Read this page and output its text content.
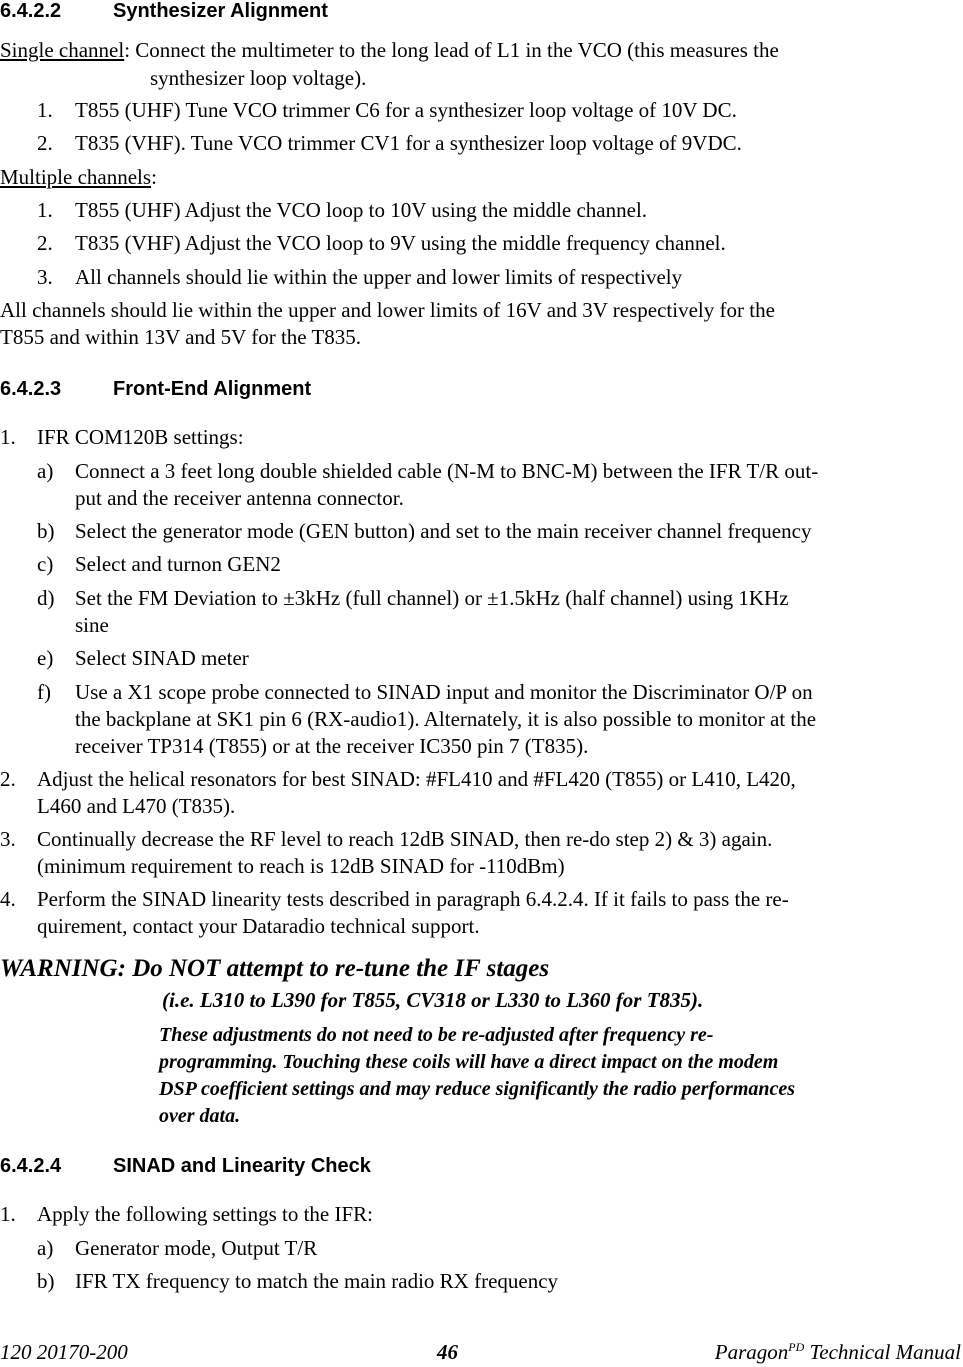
6.4.2.2	Synthesizer Alignment
Single channel: Connect the multimeter to the long lead of L1 in the VCO (this measures the
synthesizer loop voltage).
1. T855 (UHF) Tune VCO trimmer C6 for a synthesizer loop voltage of 10V DC.
2. T835 (VHF). Tune VCO trimmer CV1 for a synthesizer loop voltage of 9VDC.
Multiple channels:
1. T855 (UHF) Adjust the VCO loop to 10V using the middle channel.
2. T835 (VHF) Adjust the VCO loop to 9V using the middle frequency channel.
3. All channels should lie within the upper and lower limits of respectively
All channels should lie within the upper and lower limits of 16V and 3V respectively for the
T855 and within 13V and 5V for the T835.
6.4.2.3	Front-End Alignment
1. IFR COM120B settings:
a) Connect a 3 feet long double shielded cable (N-M to BNC-M) between the IFR T/R out-
put and the receiver antenna connector.
b) Select the generator mode (GEN button) and set to the main receiver channel frequency
c) Select and turnon GEN2
d) Set the FM Deviation to ±3kHz (full channel) or ±1.5kHz (half channel) using 1KHz
sine
e) Select SINAD meter
f) Use a X1 scope probe connected to SINAD input and monitor the Discriminator O/P on
the backplane at SK1 pin 6 (RX-audio1). Alternately, it is also possible to monitor at the
receiver TP314 (T855) or at the receiver IC350 pin 7 (T835).
2. Adjust the helical resonators for best SINAD: #FL410 and #FL420 (T855) or L410, L420,
L460 and L470 (T835).
3. Continually decrease the RF level to reach 12dB SINAD, then re-do step 2) & 3) again.
(minimum requirement to reach is 12dB SINAD for -110dBm)
4. Perform the SINAD linearity tests described in paragraph 6.4.2.4. If it fails to pass the re-
quirement, contact your Dataradio technical support.
WARNING: Do NOT attempt to re-tune the IF stages
(i.e. L310 to L390 for T855, CV318 or L330 to L360 for T835).
These adjustments do not need to be re-adjusted after frequency re-
programming. Touching these coils will have a direct impact on the modem
DSP coefficient settings and may reduce significantly the radio performances
over data.
6.4.2.4	SINAD and Linearity Check
1. Apply the following settings to the IFR:
a) Generator mode, Output T/R
b) IFR TX frequency to match the main radio RX frequency
120 20170-200	46	Paragon$^{PD}$ Technical Manual
